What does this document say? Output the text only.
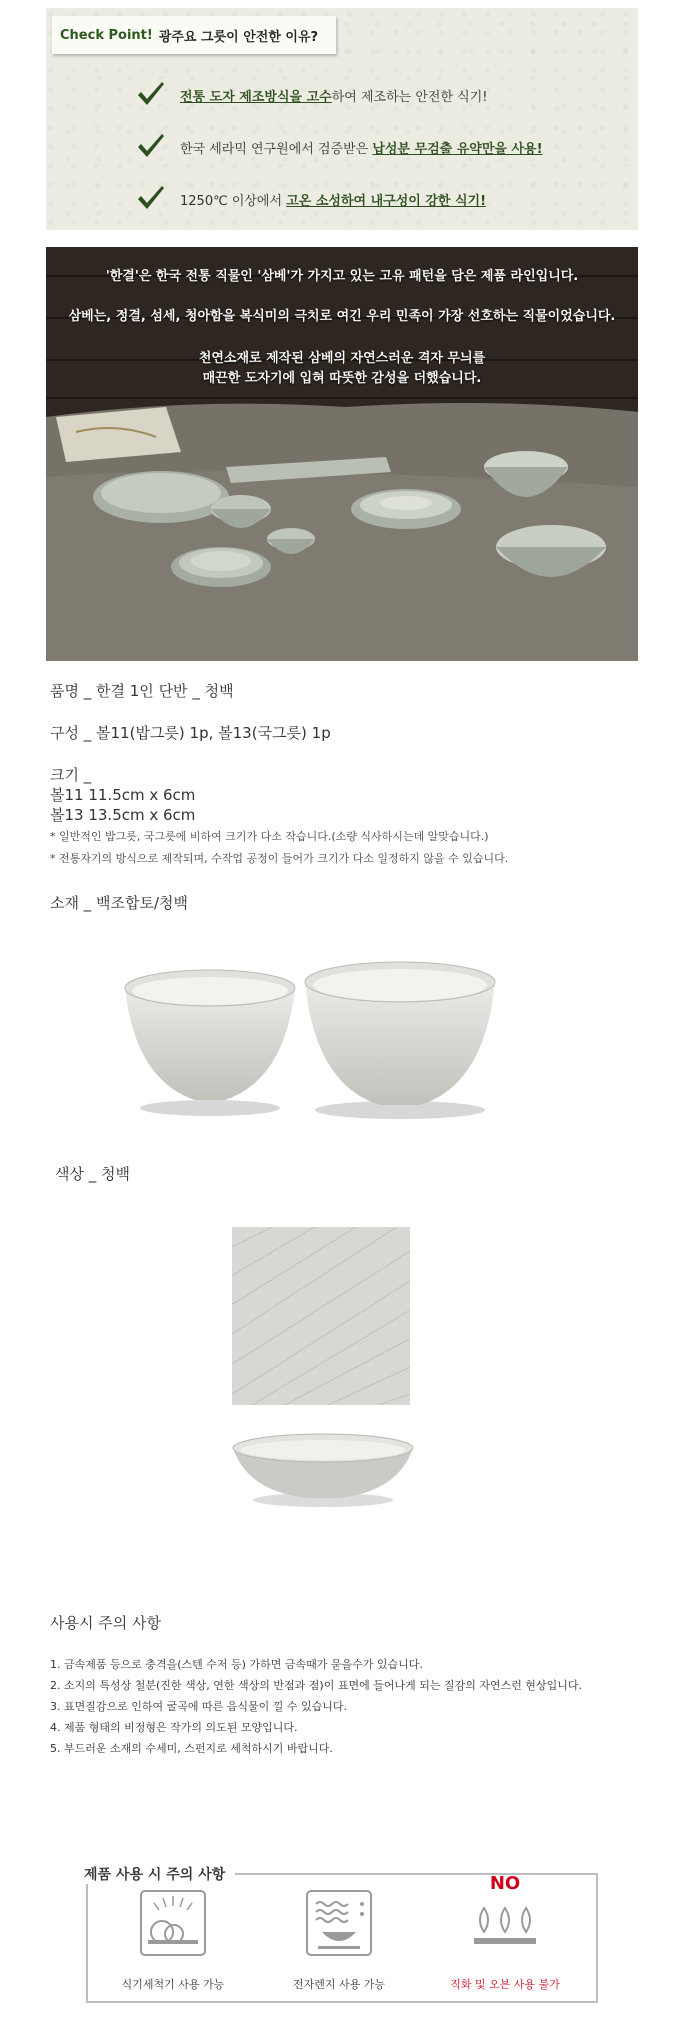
Check Point! 광주요 그릇이 안전한 이유?
전통 도자 제조방식을 고수하여 제조하는 안전한 식기!
한국 세라믹 연구원에서 검증받은 납성분 무검출 유약만을 사용!
1250℃ 이상에서 고온 소성하여 내구성이 강한 식기!
'한결'은 한국 전통 직물인 '삼베'가 가지고 있는 고유 패턴을 담은 제품 라인입니다.
삼베는, 정결, 섬세, 청아함을 복식미의 극치로 여긴 우리 민족이 가장 선호하는 직물이었습니다.
천연소재로 제작된 삼베의 자연스러운 격자 무늬를
매끈한 도자기에 입혀 따뜻한 감성을 더했습니다.
품명 _ 한결 1인 단반 _ 청백
구성 _ 볼11(밥그릇) 1p, 볼13(국그릇) 1p
크기 _
볼11 11.5cm x 6cm
볼13 13.5cm x 6cm
* 일반적인 밥그릇, 국그릇에 비하여 크기가 다소 작습니다.(소량 식사하시는데 알맞습니다.)
* 전통자기의 방식으로 제작되며, 수작업 공정이 들어가 크기가 다소 일정하지 않을 수 있습니다.
소재 _ 백조합토/청백
색상 _ 청백
사용시 주의 사항
1. 금속제품 등으로 충격을(스텐 수저 등) 가하면 금속때가 묻을수가 있습니다.
2. 소지의 특성상 철분(진한 색상, 연한 색상의 반점과 점)이 표면에 들어나게 되는 질감의 자연스런 현상입니다.
3. 표면질감으로 인하여 굴곡에 따른 음식물이 낄 수 있습니다.
4. 제품 형태의 비정형은 작가의 의도된 모양입니다.
5. 부드러운 소재의 수세미, 스펀지로 세척하시기 바랍니다.
제품 사용 시 주의 사항
식기세척기 사용 가능	전자렌지 사용 가능
NO
직화 및 오븐 사용 불가
